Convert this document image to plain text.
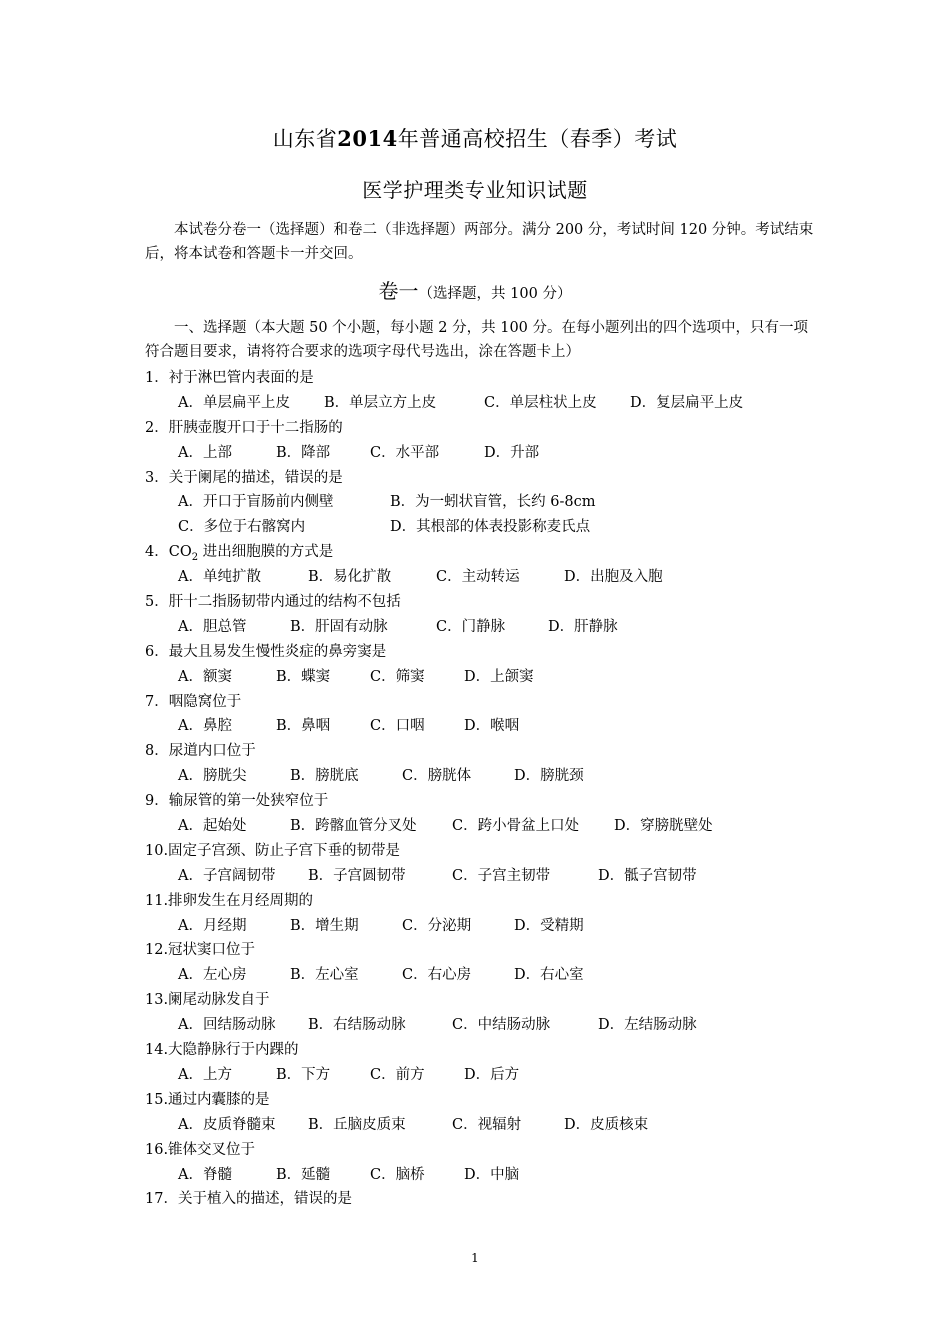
山东省2014年普通高校招生（春季）考试
医学护理类专业知识试题
本试卷分卷一（选择题）和卷二（非选择题）两部分。满分 200 分，考试时间 120 分钟。考试结束后，将本试卷和答题卡一并交回。
卷一（选择题，共 100 分）
一、选择题（本大题 50 个小题，每小题 2 分，共 100 分。在每小题列出的四个选项中，只有一项符合题目要求，请将符合要求的选项字母代号选出，涂在答题卡上）
1．衬于淋巴管内表面的是
A．单层扁平上皮 B．单层立方上皮	C．单层柱状上皮 D．复层扁平上皮
2．肝胰壶腹开口于十二指肠的
A．上部	B．降部	C．水平部	D．升部
3．关于阑尾的描述，错误的是
A．开口于盲肠前内侧壁	B．为一蚓状盲管，长约 6-8cm
C．多位于右髂窝内	D．其根部的体表投影称麦氏点
4．$CO_2$ 进出细胞膜的方式是
A．单纯扩散	B．易化扩散	C．主动转运	D．出胞及入胞
5．肝十二指肠韧带内通过的结构不包括
A．胆总管	B．肝固有动脉	C．门静脉	D．肝静脉
6．最大且易发生慢性炎症的鼻旁窦是
A．额窦	B．蝶窦	C．筛窦	D．上颌窦
7．咽隐窝位于
A．鼻腔	B．鼻咽	C．口咽	D．喉咽
8．尿道内口位于
A．膀胱尖	B．膀胱底	C．膀胱体	D．膀胱颈
9．输尿管的第一处狭窄位于
A．起始处	B．跨髂血管分叉处 C．跨小骨盆上口处 D．穿膀胱壁处
10.固定子宫颈、防止子宫下垂的韧带是
A．子宫阔韧带 B．子宫圆韧带	C．子宫主韧带	D．骶子宫韧带
11.排卵发生在月经周期的
A．月经期	B．增生期	C．分泌期	D．受精期
12.冠状窦口位于
A．左心房	B．左心室	C．右心房	D．右心室
13.阑尾动脉发自于
A．回结肠动脉 B．右结肠动脉	C．中结肠动脉	D．左结肠动脉
14.大隐静脉行于内踝的
A．上方	B．下方	C．前方	D．后方
15.通过内囊膝的是
A．皮质脊髓束 B．丘脑皮质束	C．视辐射	D．皮质核束
16.锥体交叉位于
A．脊髓	B．延髓	C．脑桥	D．中脑
17．关于植入的描述，错误的是
1
